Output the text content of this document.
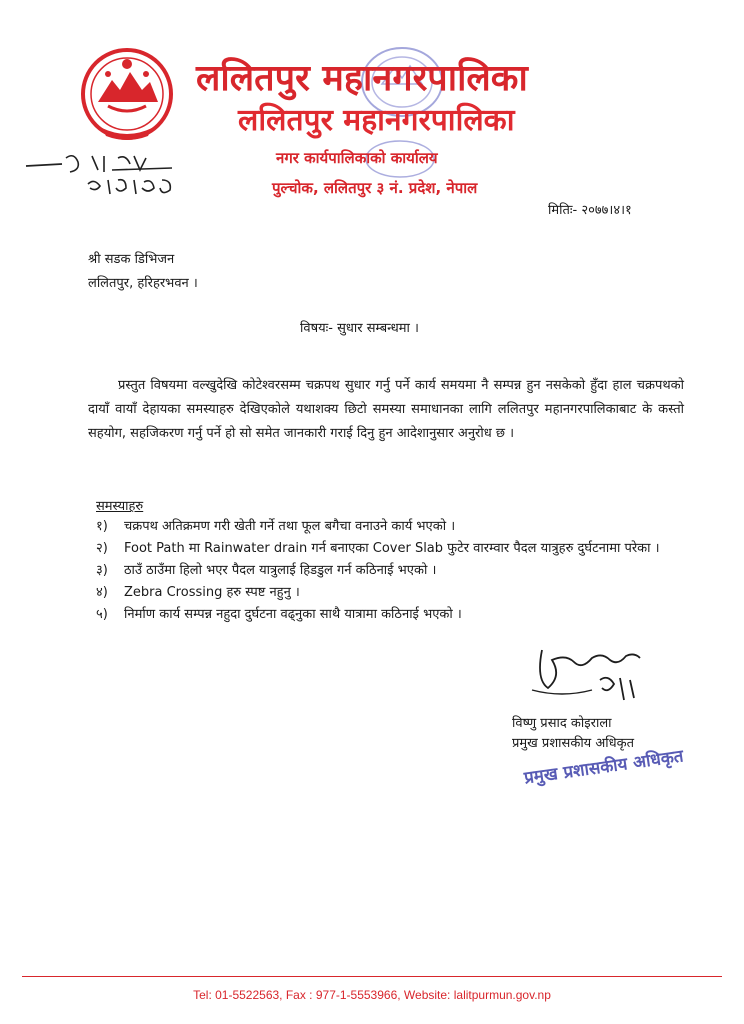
ललितपुर महानगरपालिका
ललितपुर महानगरपालिका
नगर कार्यपालिकाको कार्यालय
पुल्चोक, ललितपुर ३ नं. प्रदेश, नेपाल
मितिः- २०७७।४।१
श्री सडक डिभिजन
ललितपुर, हरिहरभवन ।
विषयः- सुधार सम्बन्धमा ।
प्रस्तुत विषयमा वल्खुदेखि कोटेश्वरसम्म चक्रपथ सुधार गर्नु पर्ने कार्य समयमा नै सम्पन्न हुन नसकेको हुँदा हाल चक्रपथको दायाँ वायाँ देहायका समस्याहरु देखिएकोले यथाशक्य छिटो समस्या समाधानका लागि ललितपुर महानगरपालिकाबाट के कस्तो सहयोग, सहजिकरण गर्नु पर्ने हो सो समेत जानकारी गराई दिनु हुन आदेशानुसार अनुरोध छ ।
समस्याहरु
१)	चक्रपथ अतिक्रमण गरी खेती गर्ने तथा फूल बगैचा वनाउने कार्य भएको ।
२)	Foot Path मा Rainwater drain गर्न बनाएका Cover Slab फुटेर वारम्वार पैदल यात्रुहरु दुर्घटनामा परेका ।
३)	ठाउँ ठाउँमा हिलो भएर पैदल यात्रुलाई हिडडुल गर्न कठिनाई भएको ।
४)	Zebra Crossing हरु स्पष्ट नहुनु ।
५)	निर्माण कार्य सम्पन्न नहुदा दुर्घटना वढ्नुका साथै यात्रामा कठिनाई भएको ।
विष्णु प्रसाद कोइराला
प्रमुख प्रशासकीय अधिकृत
प्रमुख प्रशासकीय अधिकृत
Tel: 01-5522563, Fax : 977-1-5553966, Website: lalitpurmun.gov.np
